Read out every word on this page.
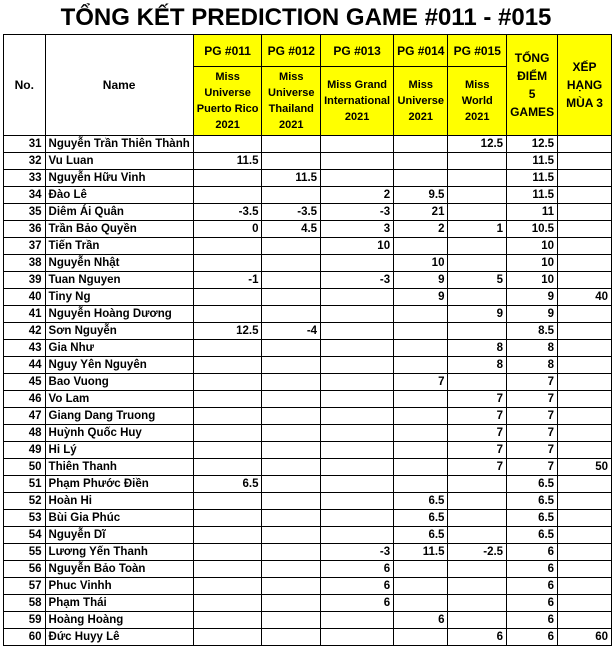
TỔNG KẾT PREDICTION GAME #011 - #015
No.	Name	PG #011	PG #012	PG #013	PG #014	PG #015	TỔNG
ĐIỂM
5
GAMES	XẾP
HẠNG
MÙA 3
		Miss
Universe
Puerto Rico
2021	Miss
Universe
Thailand
2021	Miss Grand
International
2021	Miss
Universe
2021	Miss
World
2021		
31	Nguyễn Trần Thiên Thành					12.5	12.5	
32	Vu Luan	11.5					11.5	
33	Nguyễn Hữu Vinh		11.5				11.5	
34	Đào Lê			2	9.5		11.5	
35	Diêm Ái Quân	-3.5	-3.5	-3	21		11	
36	Trần Bảo Quyền	0	4.5	3	2	1	10.5	
37	Tiến Trần			10			10	
38	Nguyễn Nhật				10		10	
39	Tuan Nguyen	-1		-3	9	5	10	
40	Tiny Ng				9		9	40
41	Nguyễn Hoàng Dương					9	9	
42	Sơn Nguyễn	12.5	-4				8.5	
43	Gia Như					8	8	
44	Nguy Yên Nguyên					8	8	
45	Bao Vuong				7		7	
46	Vo Lam					7	7	
47	Giang Dang Truong					7	7	
48	Huỳnh Quốc Huy					7	7	
49	Hi Lý					7	7	
50	Thiên Thanh					7	7	50
51	Phạm Phước Điền	6.5					6.5	
52	Hoàn Hi				6.5		6.5	
53	Bùi Gia Phúc				6.5		6.5	
54	Nguyễn Dĩ				6.5		6.5	
55	Lương Yến Thanh			-3	11.5	-2.5	6	
56	Nguyễn Bảo Toàn			6			6	
57	Phuc Vinhh			6			6	
58	Phạm Thái			6			6	
59	Hoàng Hoàng				6		6	
60	Đức Huyy Lê					6	6	60
